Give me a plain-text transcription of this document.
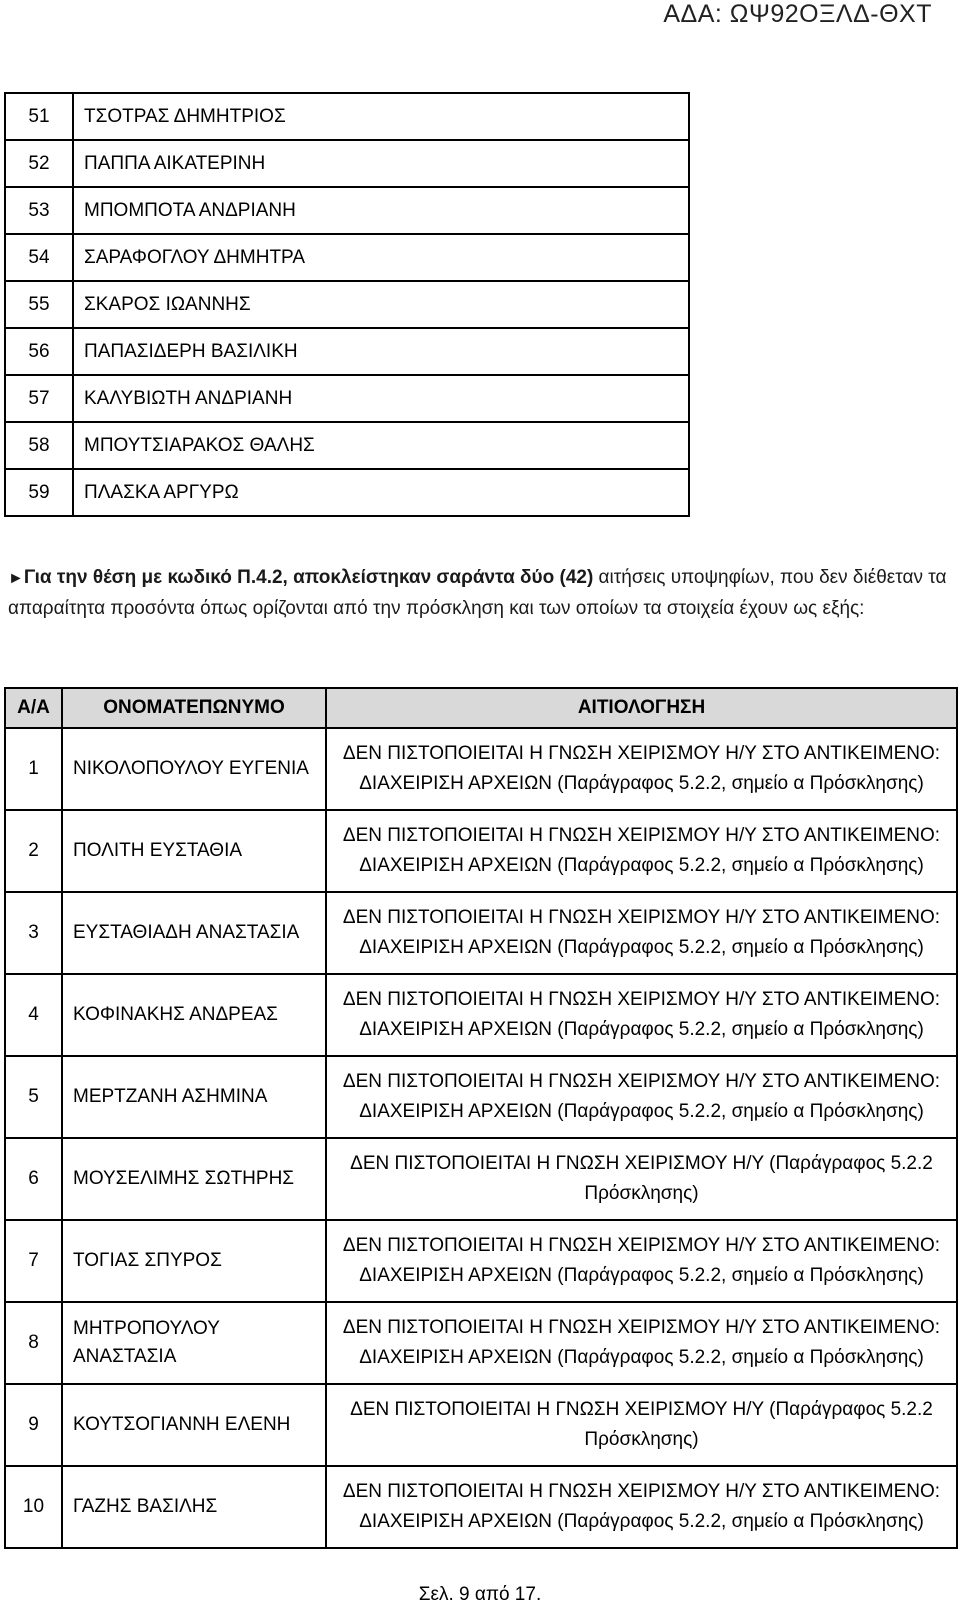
ΑΔΑ: ΩΨ92ΟΞΛΔ-ΘΧΤ
51	ΤΣΟΤΡΑΣ ΔΗΜΗΤΡΙΟΣ
52	ΠΑΠΠΑ ΑΙΚΑΤΕΡΙΝΗ
53	ΜΠΟΜΠΟΤΑ ΑΝΔΡΙΑΝΗ
54	ΣΑΡΑΦΟΓΛΟΥ ΔΗΜΗΤΡΑ
55	ΣΚΑΡΟΣ ΙΩΑΝΝΗΣ
56	ΠΑΠΑΣΙΔΕΡΗ ΒΑΣΙΛΙΚΗ
57	ΚΑΛΥΒΙΩΤΗ ΑΝΔΡΙΑΝΗ
58	ΜΠΟΥΤΣΙΑΡΑΚΟΣ ΘΑΛΗΣ
59	ΠΛΑΣΚΑ ΑΡΓΥΡΩ
►Για την θέση με κωδικό Π.4.2, αποκλείστηκαν σαράντα δύο (42) αιτήσεις υποψηφίων, που δεν διέθεταν τα απαραίτητα προσόντα όπως ορίζονται από την πρόσκληση και των οποίων τα στοιχεία έχουν ως εξής:
Α/Α	ΟΝΟΜΑΤΕΠΩΝΥΜΟ	ΑΙΤΙΟΛΟΓΗΣΗ
1	ΝΙΚΟΛΟΠΟΥΛΟΥ ΕΥΓΕΝΙΑ	ΔΕΝ ΠΙΣΤΟΠΟΙΕΙΤΑΙ Η ΓΝΩΣΗ ΧΕΙΡΙΣΜΟΥ Η/Υ ΣΤΟ ΑΝΤΙΚΕΙΜΕΝΟ:
ΔΙΑΧΕΙΡΙΣΗ ΑΡΧΕΙΩΝ (Παράγραφος 5.2.2, σημείο α Πρόσκλησης)

2	ΠΟΛΙΤΗ ΕΥΣΤΑΘΙΑ	ΔΕΝ ΠΙΣΤΟΠΟΙΕΙΤΑΙ Η ΓΝΩΣΗ ΧΕΙΡΙΣΜΟΥ Η/Υ ΣΤΟ ΑΝΤΙΚΕΙΜΕΝΟ:
ΔΙΑΧΕΙΡΙΣΗ ΑΡΧΕΙΩΝ (Παράγραφος 5.2.2, σημείο α Πρόσκλησης)

3	ΕΥΣΤΑΘΙΑΔΗ ΑΝΑΣΤΑΣΙΑ	ΔΕΝ ΠΙΣΤΟΠΟΙΕΙΤΑΙ Η ΓΝΩΣΗ ΧΕΙΡΙΣΜΟΥ Η/Υ ΣΤΟ ΑΝΤΙΚΕΙΜΕΝΟ:
ΔΙΑΧΕΙΡΙΣΗ ΑΡΧΕΙΩΝ (Παράγραφος 5.2.2, σημείο α Πρόσκλησης)

4	ΚΟΦΙΝΑΚΗΣ ΑΝΔΡΕΑΣ	ΔΕΝ ΠΙΣΤΟΠΟΙΕΙΤΑΙ Η ΓΝΩΣΗ ΧΕΙΡΙΣΜΟΥ Η/Υ ΣΤΟ ΑΝΤΙΚΕΙΜΕΝΟ:
ΔΙΑΧΕΙΡΙΣΗ ΑΡΧΕΙΩΝ (Παράγραφος 5.2.2, σημείο α Πρόσκλησης)

5	ΜΕΡΤΖΑΝΗ ΑΣΗΜΙΝΑ	ΔΕΝ ΠΙΣΤΟΠΟΙΕΙΤΑΙ Η ΓΝΩΣΗ ΧΕΙΡΙΣΜΟΥ Η/Υ ΣΤΟ ΑΝΤΙΚΕΙΜΕΝΟ:
ΔΙΑΧΕΙΡΙΣΗ ΑΡΧΕΙΩΝ (Παράγραφος 5.2.2, σημείο α Πρόσκλησης)

6	ΜΟΥΣΕΛΙΜΗΣ ΣΩΤΗΡΗΣ	ΔΕΝ ΠΙΣΤΟΠΟΙΕΙΤΑΙ Η ΓΝΩΣΗ ΧΕΙΡΙΣΜΟΥ Η/Υ (Παράγραφος 5.2.2
Πρόσκλησης)

7	ΤΟΓΙΑΣ ΣΠΥΡΟΣ	ΔΕΝ ΠΙΣΤΟΠΟΙΕΙΤΑΙ Η ΓΝΩΣΗ ΧΕΙΡΙΣΜΟΥ Η/Υ ΣΤΟ ΑΝΤΙΚΕΙΜΕΝΟ:
ΔΙΑΧΕΙΡΙΣΗ ΑΡΧΕΙΩΝ (Παράγραφος 5.2.2, σημείο α Πρόσκλησης)

8	ΜΗΤΡΟΠΟΥΛΟΥ ΑΝΑΣΤΑΣΙΑ	ΔΕΝ ΠΙΣΤΟΠΟΙΕΙΤΑΙ Η ΓΝΩΣΗ ΧΕΙΡΙΣΜΟΥ Η/Υ ΣΤΟ ΑΝΤΙΚΕΙΜΕΝΟ:
ΔΙΑΧΕΙΡΙΣΗ ΑΡΧΕΙΩΝ (Παράγραφος 5.2.2, σημείο α Πρόσκλησης)

9	ΚΟΥΤΣΟΓΙΑΝΝΗ ΕΛΕΝΗ	ΔΕΝ ΠΙΣΤΟΠΟΙΕΙΤΑΙ Η ΓΝΩΣΗ ΧΕΙΡΙΣΜΟΥ Η/Υ (Παράγραφος 5.2.2
Πρόσκλησης)

10	ΓΑΖΗΣ ΒΑΣΙΛΗΣ	ΔΕΝ ΠΙΣΤΟΠΟΙΕΙΤΑΙ Η ΓΝΩΣΗ ΧΕΙΡΙΣΜΟΥ Η/Υ ΣΤΟ ΑΝΤΙΚΕΙΜΕΝΟ:
ΔΙΑΧΕΙΡΙΣΗ ΑΡΧΕΙΩΝ (Παράγραφος 5.2.2, σημείο α Πρόσκλησης)
Σελ. 9 από 17.
